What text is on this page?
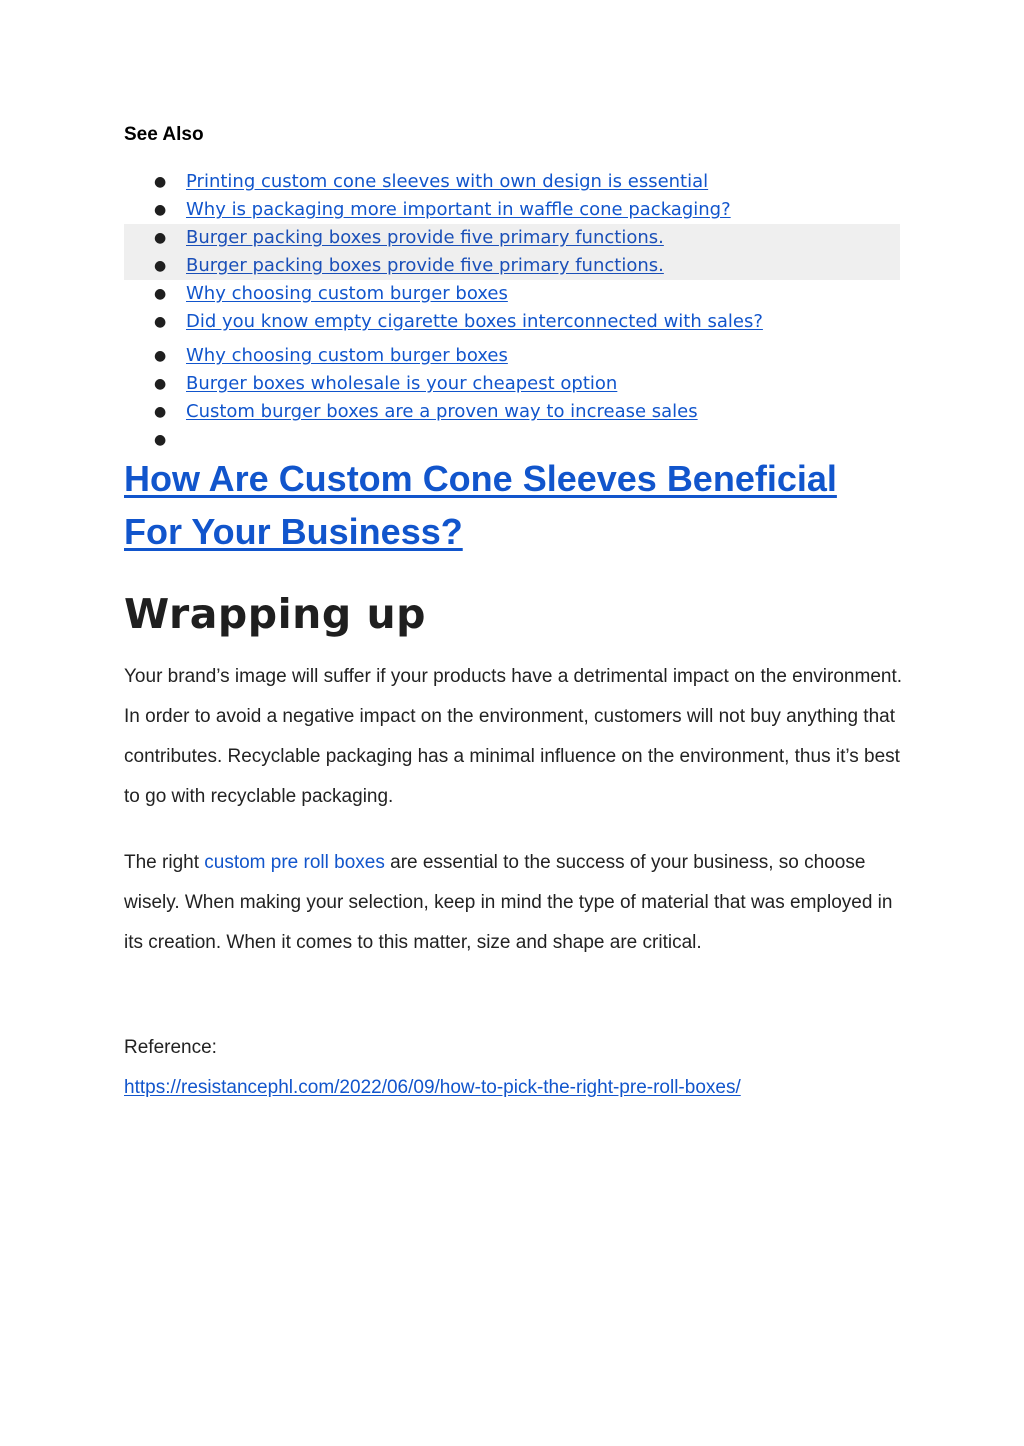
See Also
● Printing custom cone sleeves with own design is essential
● Why is packaging more important in waffle cone packaging?
● Burger packing boxes provide five primary functions.
● Burger packing boxes provide five primary functions.
● Why choosing custom burger boxes
● Did you know empty cigarette boxes interconnected with sales?
● Why choosing custom burger boxes
● Burger boxes wholesale is your cheapest option
● Custom burger boxes are a proven way to increase sales
●
How Are Custom Cone Sleeves Beneficial For Your Business?
Wrapping up

Your brand’s image will suffer if your products have a detrimental impact on the environment. In order to avoid a negative impact on the environment, customers will not buy anything that contributes. Recyclable packaging has a minimal influence on the environment, thus it’s best to go with recyclable packaging.

The right custom pre roll boxes are essential to the success of your business, so choose wisely. When making your selection, keep in mind the type of material that was employed in its creation. When it comes to this matter, size and shape are critical.

Reference:

https://resistancephl.com/2022/06/09/how-to-pick-the-right-pre-roll-boxes/
